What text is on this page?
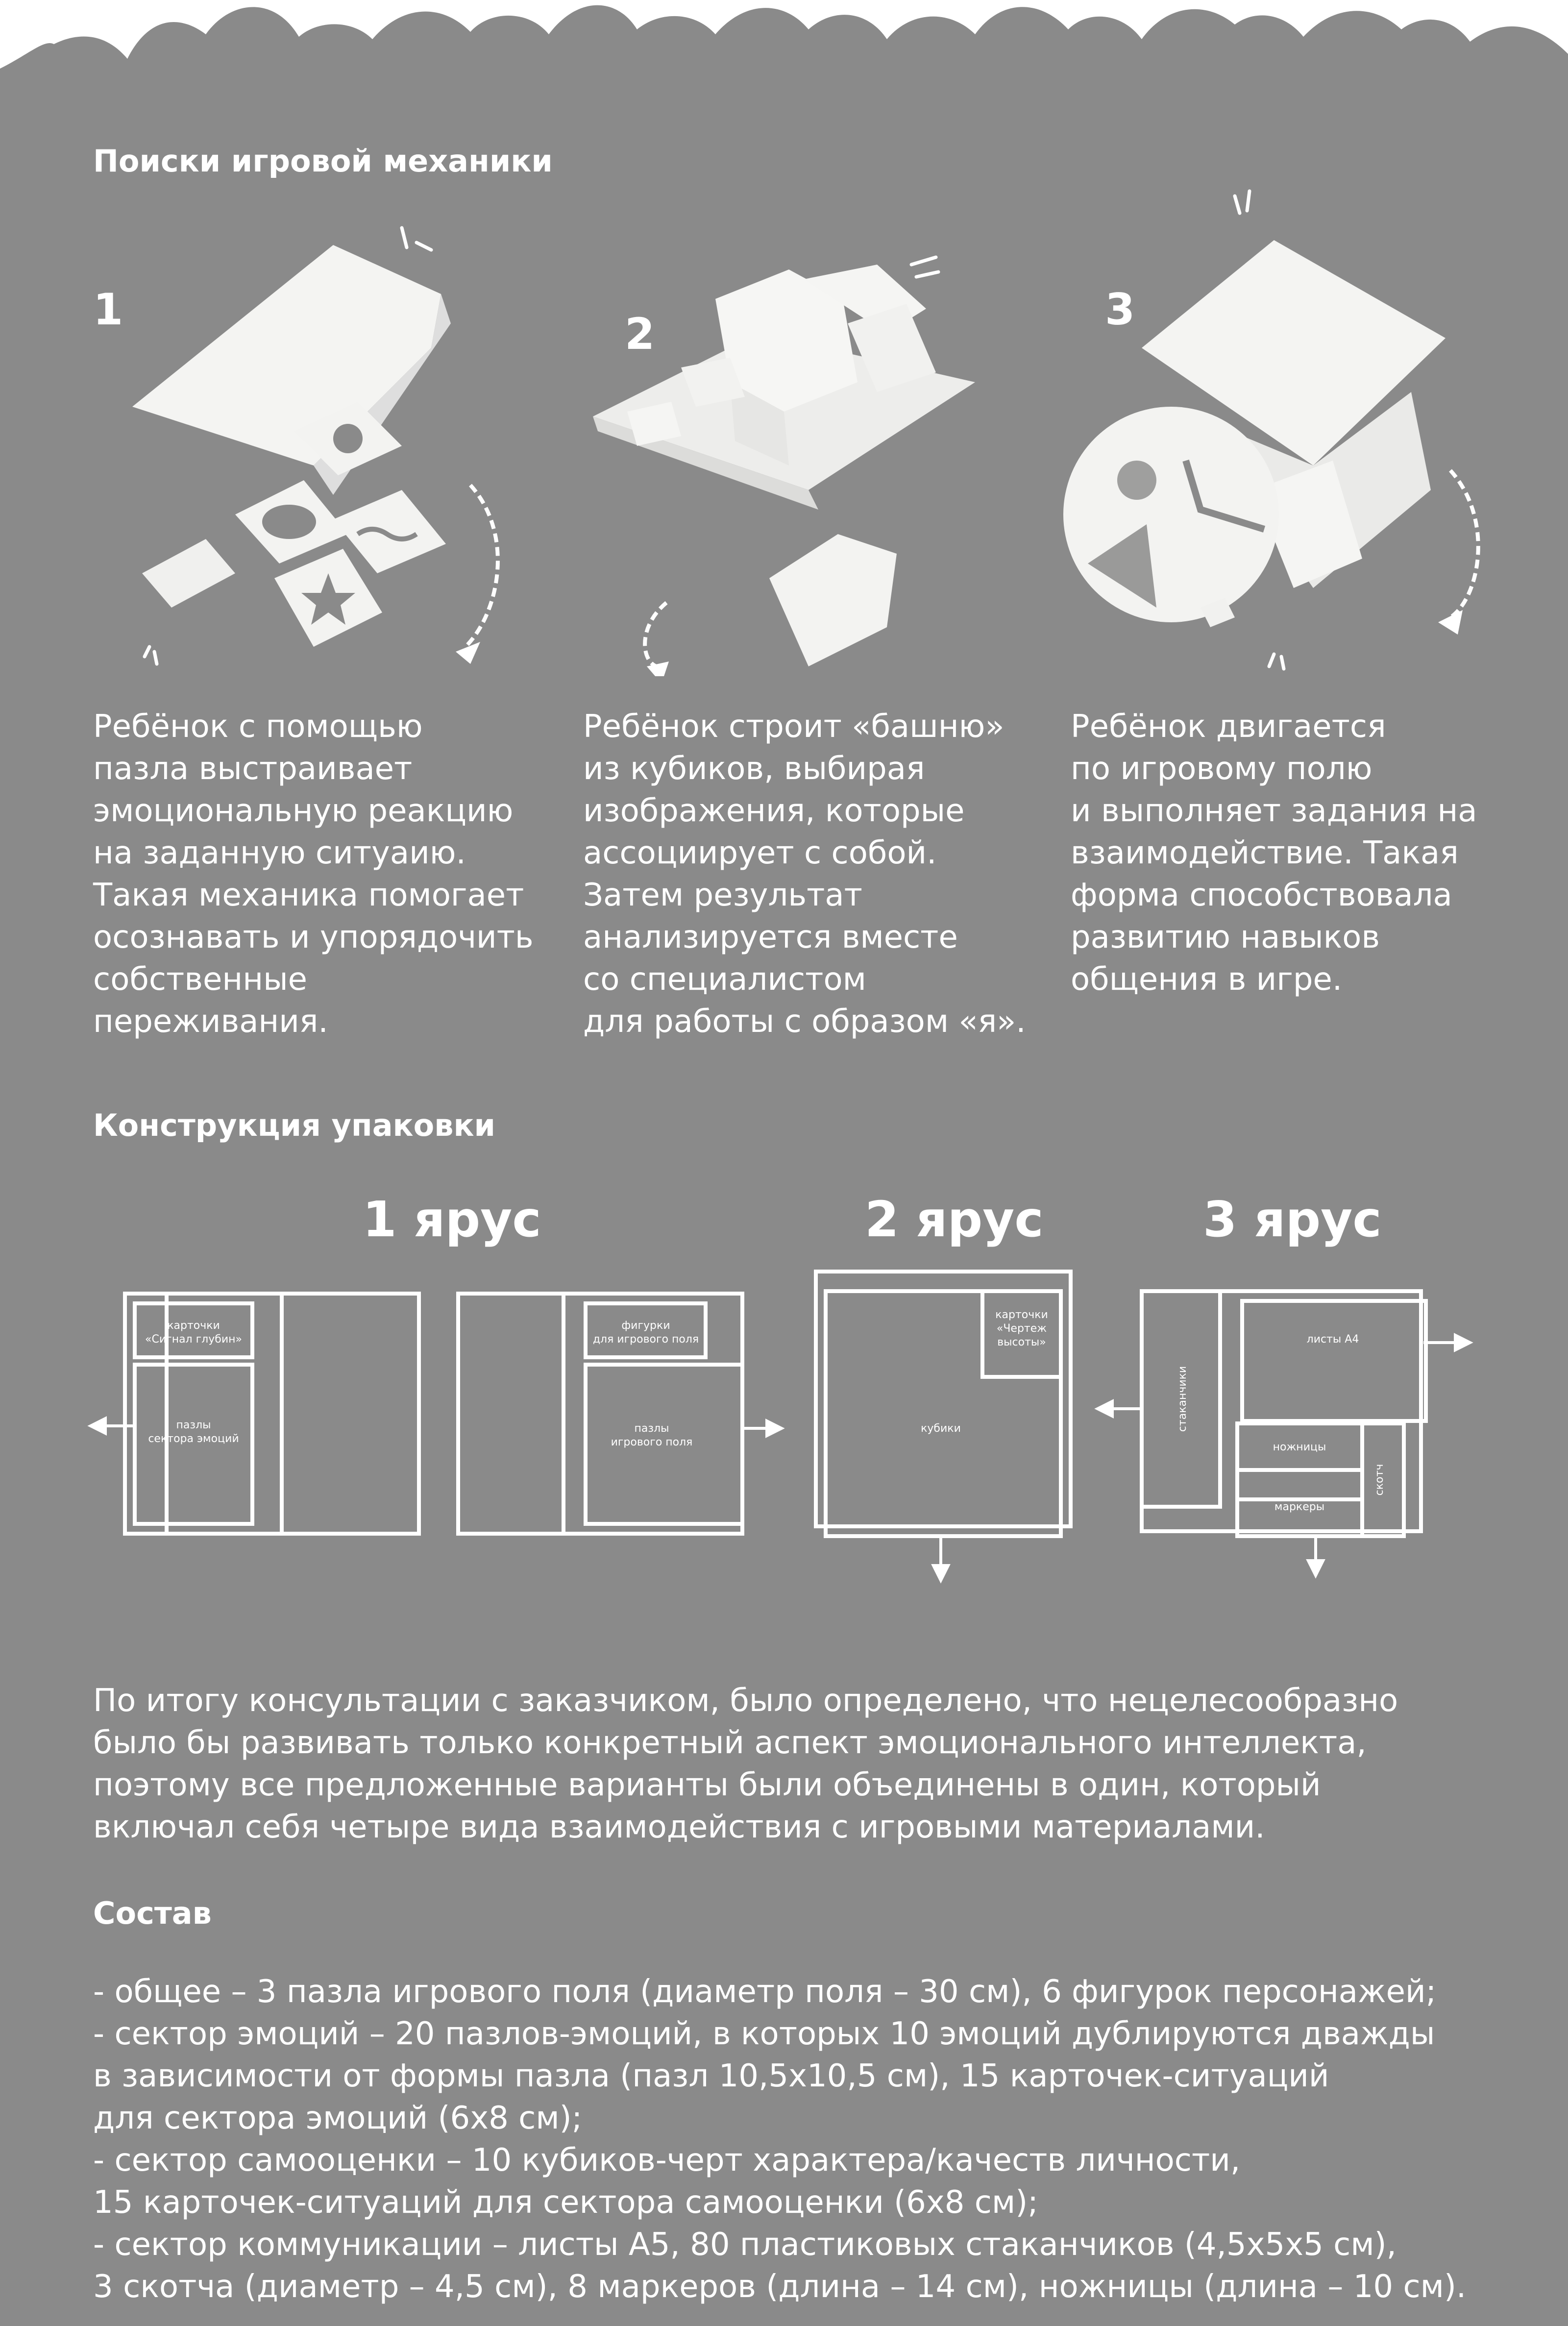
Поиски игровой механики
1	2	3
Ребёнок с помощью
пазла выстраивает
эмоциональную реакцию
на заданную ситуаию.
Такая механика помогает
осознавать и упорядочить
собственные
переживания.
Ребёнок строит «башню»
из кубиков, выбирая
изображения, которые
ассоциирует с собой.
Затем результат
анализируется вместе
со специалистом
для работы с образом «я».
Ребёнок двигается
по игровому полю
и выполняет задания на
взаимодействие. Такая
форма способствовала
развитию навыков
общения в игре.
Конструкция упаковки
1 ярус	2 ярус	3 ярус
карточки
«Сигнал глубин»
пазлы
сектора эмоций
фигурки
для игрового поля
пазлы
игрового поля
кубики
карточки
«Чертеж
высоты»
стаканчики
листы А4
ножницы
скотч
маркеры
По итогу консультации с заказчиком, было определено, что нецелесообразно
было бы развивать только конкретный аспект эмоционального интеллекта,
поэтому все предложенные варианты были объединены в один, который
включал себя четыре вида взаимодействия с игровыми материалами.
Состав
- общее – 3 пазла игрового поля (диаметр поля – 30 см), 6 фигурок персонажей;
- сектор эмоций – 20 пазлов-эмоций, в которых 10 эмоций дублируются дважды
в зависимости от формы пазла (пазл 10,5х10,5 см), 15 карточек-ситуаций
для сектора эмоций (6х8 см);
- сектор самооценки – 10 кубиков-черт характера/качеств личности,
15 карточек-ситуаций для сектора самооценки (6х8 см);
- сектор коммуникации – листы А5, 80 пластиковых стаканчиков (4,5х5х5 см),
3 скотча (диаметр – 4,5 см), 8 маркеров (длина – 14 см), ножницы (длина – 10 см).
